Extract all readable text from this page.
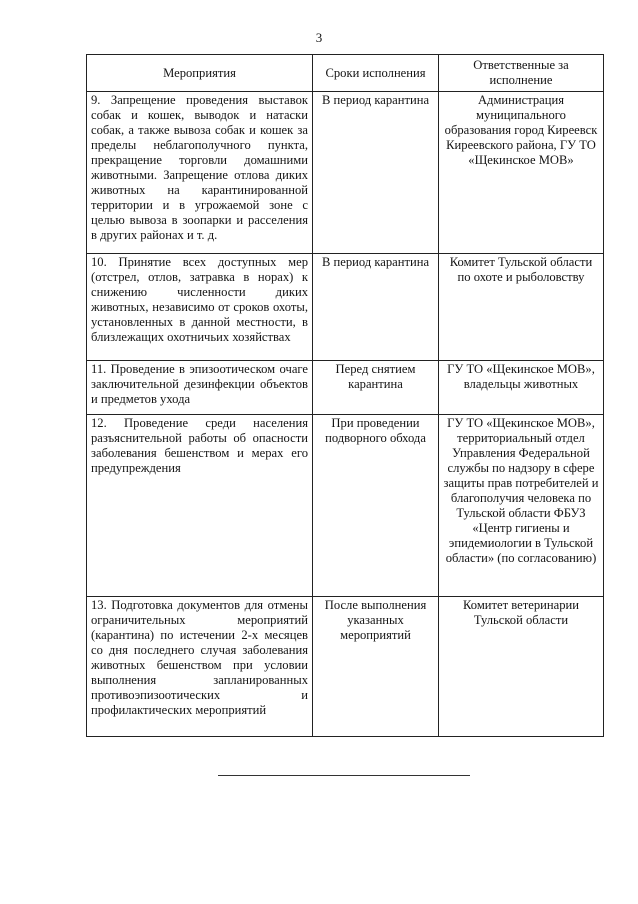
3
Мероприятия	Сроки исполнения	Ответственные за исполнение
9. Запрещение проведения выставок собак и кошек, выводок и натаски собак, а также вывоза собак и кошек за пределы неблагополучного пункта, прекращение торговли домашними животными. Запрещение отлова диких животных на карантинированной территории и в угрожаемой зоне с целью вывоза в зоопарки и расселения в других районах и т. д.	В период карантина	Администрация муниципального образования город Киреевск Киреевского района, ГУ ТО «Щекинское МОВ»
10. Принятие всех доступных мер (отстрел, отлов, затравка в норах) к снижению численности диких животных, независимо от сроков охоты, установленных в данной местности, в близлежащих охотничьих хозяйствах	В период карантина	Комитет Тульской области по охоте и рыболовству
11. Проведение в эпизоотическом очаге заключительной дезинфекции объектов и предметов ухода	Перед снятием карантина	ГУ ТО «Щекинское МОВ», владельцы животных
12. Проведение среди населения разъяснительной работы об опасности заболевания бешенством и мерах его предупреждения	При проведении подворного обхода	ГУ ТО «Щекинское МОВ», территориальный отдел Управления Федеральной службы по надзору в сфере защиты прав потребителей и благополучия человека по Тульской области ФБУЗ «Центр гигиены и эпидемиологии в Тульской области» (по согласованию)
13. Подготовка документов для отмены ограничительных мероприятий (карантина) по истечении 2-х месяцев со дня последнего случая заболевания животных бешенством при условии выполнения запланированных противоэпизоотических и профилактических мероприятий	После выполнения указанных мероприятий	Комитет ветеринарии Тульской области
